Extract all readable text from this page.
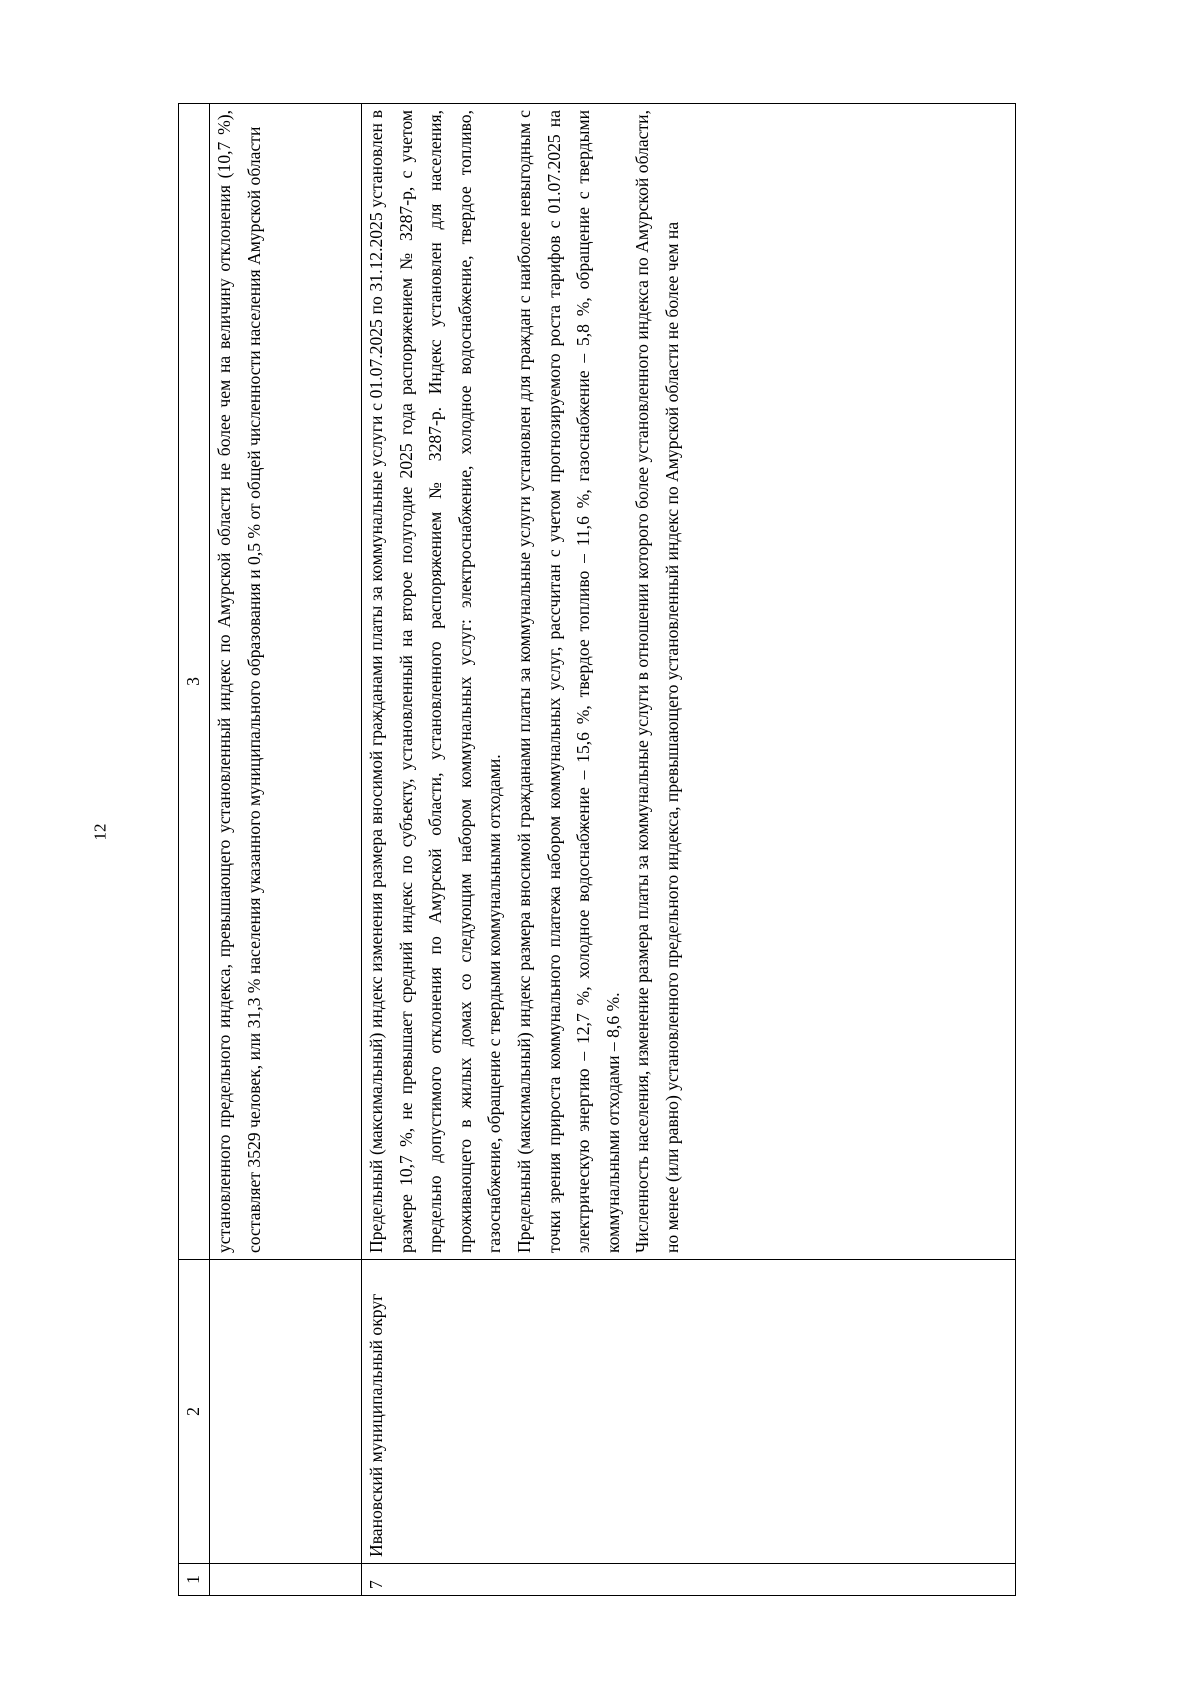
12
1	2	3

		установленного предельного индекса, превышающего установленный индекс по Амурской области не более чем на величину отклонения (10,7 %), составляет 3529 человек, или 31,3 % населения указанного муниципального образования и 0,5 % от общей численности населения Амурской области

7	Ивановский муниципальный округ	Предельный (максимальный) индекс изменения размера вносимой гражданами платы за коммунальные услуги с 01.07.2025 по 31.12.2025 установлен в размере 10,7 %, не превышает средний индекс по субъекту, установленный на второе полугодие 2025 года распоряжением № 3287-р, с учетом предельно допустимого отклонения по Амурской области, установленного распоряжением № 3287-р. Индекс установлен для населения, проживающего в жилых домах со следующим набором коммунальных услуг: электроснабжение, холодное водоснабжение, твердое топливо, газоснабжение, обращение с твердыми коммунальными отходами. Предельный (максимальный) индекс размера вносимой гражданами платы за коммунальные услуги установлен для граждан с наиболее невыгодным с точки зрения прироста коммунального платежа набором коммунальных услуг, рассчитан с учетом прогнозируемого роста тарифов с 01.07.2025 на электрическую энергию – 12,7 %, холодное водоснабжение – 15,6 %, твердое топливо – 11,6 %, газоснабжение – 5,8 %, обращение с твердыми коммунальными отходами – 8,6 %. Численность населения, изменение размера платы за коммунальные услуги в отношении которого более установленного индекса по Амурской области, но менее (или равно) установленного предельного индекса, превышающего установленный индекс по Амурской области не более чем на
